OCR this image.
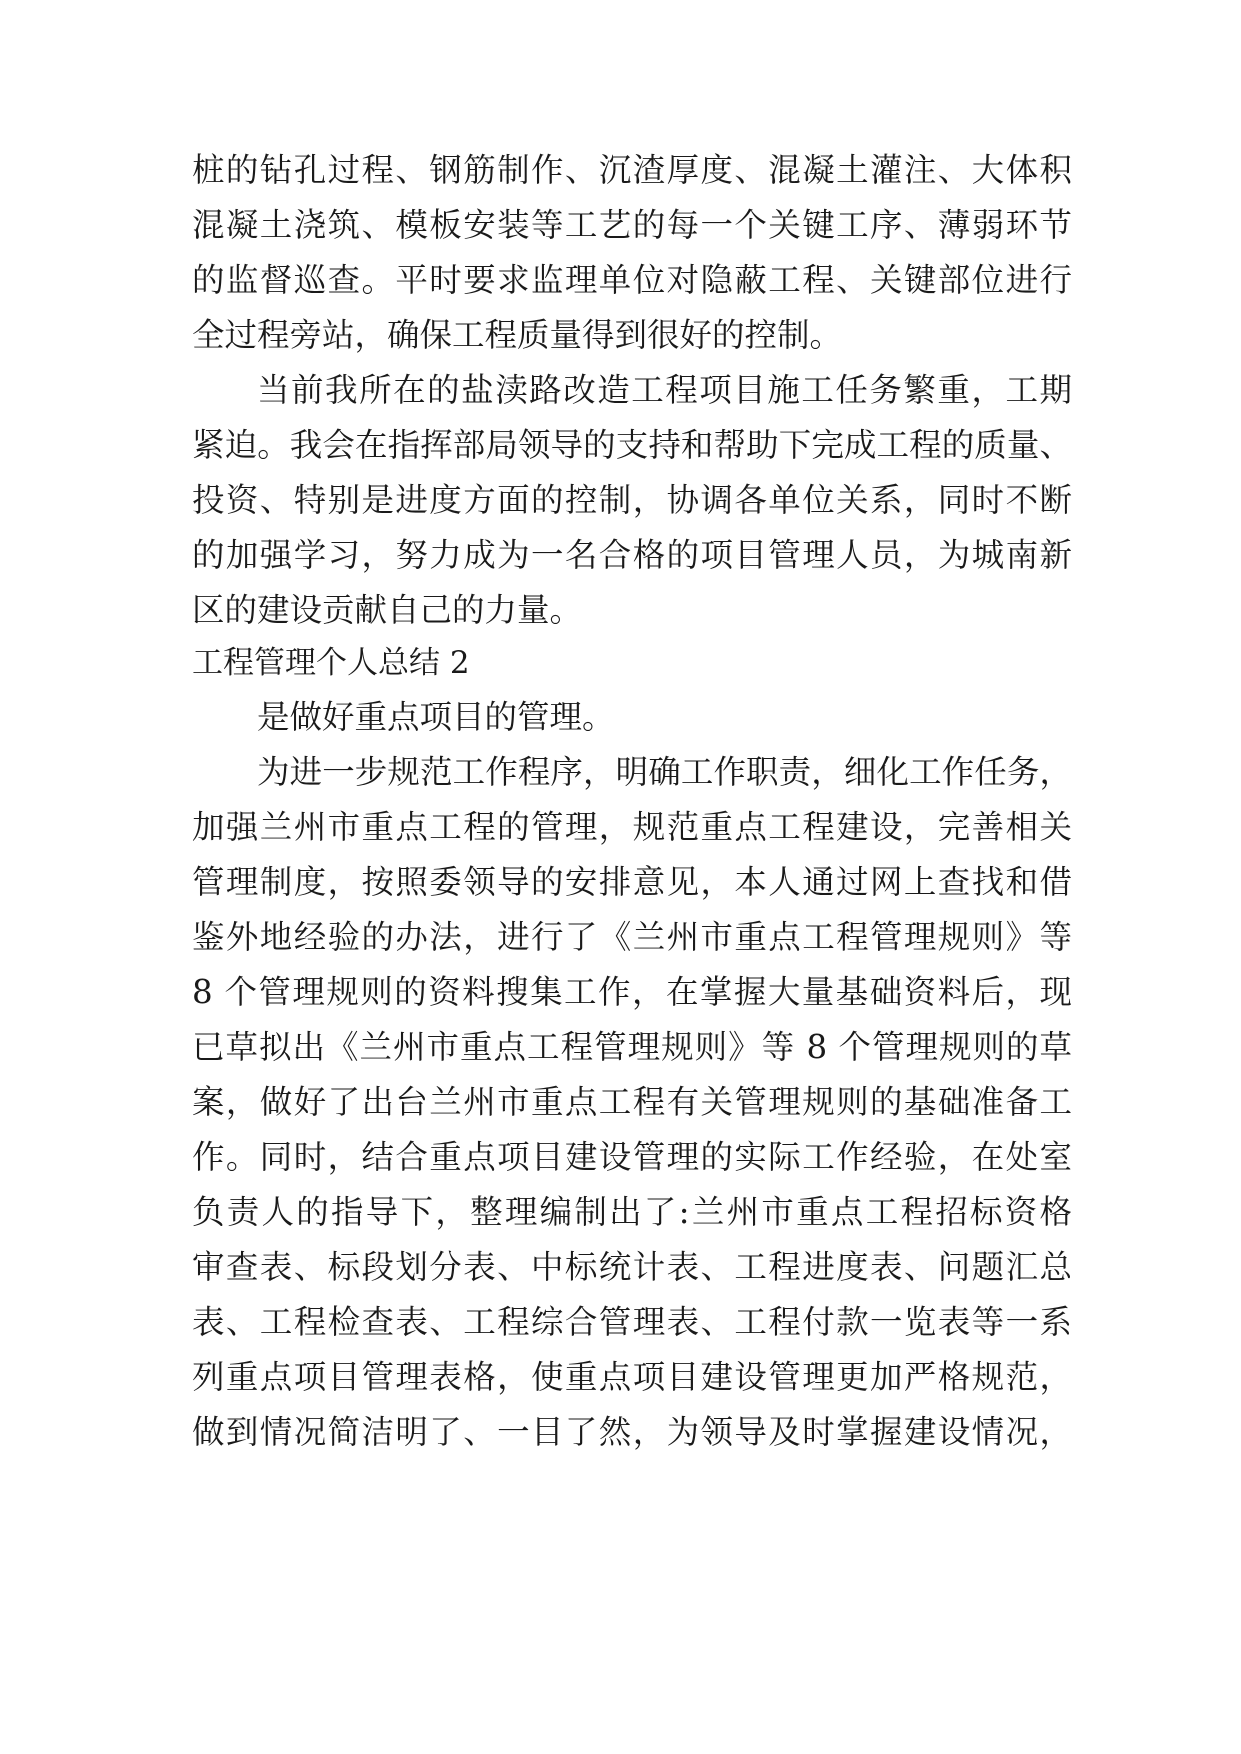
桩的钻孔过程、钢筋制作、沉渣厚度、混凝土灌注、大体积
混凝土浇筑、模板安装等工艺的每一个关键工序、薄弱环节
的监督巡查。平时要求监理单位对隐蔽工程、关键部位进行
全过程旁站，确保工程质量得到很好的控制。
当前我所在的盐渎路改造工程项目施工任务繁重，工期
紧迫。我会在指挥部局领导的支持和帮助下完成工程的质量、
投资、特别是进度方面的控制，协调各单位关系，同时不断
的加强学习，努力成为一名合格的项目管理人员，为城南新
区的建设贡献自己的力量。
工程管理个人总结 2
是做好重点项目的管理。
为进一步规范工作程序，明确工作职责，细化工作任务，
加强兰州市重点工程的管理，规范重点工程建设，完善相关
管理制度，按照委领导的安排意见，本人通过网上查找和借
鉴外地经验的办法，进行了《兰州市重点工程管理规则》等
8 个管理规则的资料搜集工作，在掌握大量基础资料后，现
已草拟出《兰州市重点工程管理规则》等 8 个管理规则的草
案，做好了出台兰州市重点工程有关管理规则的基础准备工
作。同时，结合重点项目建设管理的实际工作经验，在处室
负责人的指导下，整理编制出了:兰州市重点工程招标资格
审查表、标段划分表、中标统计表、工程进度表、问题汇总
表、工程检查表、工程综合管理表、工程付款一览表等一系
列重点项目管理表格，使重点项目建设管理更加严格规范，
做到情况简洁明了、一目了然，为领导及时掌握建设情况，
